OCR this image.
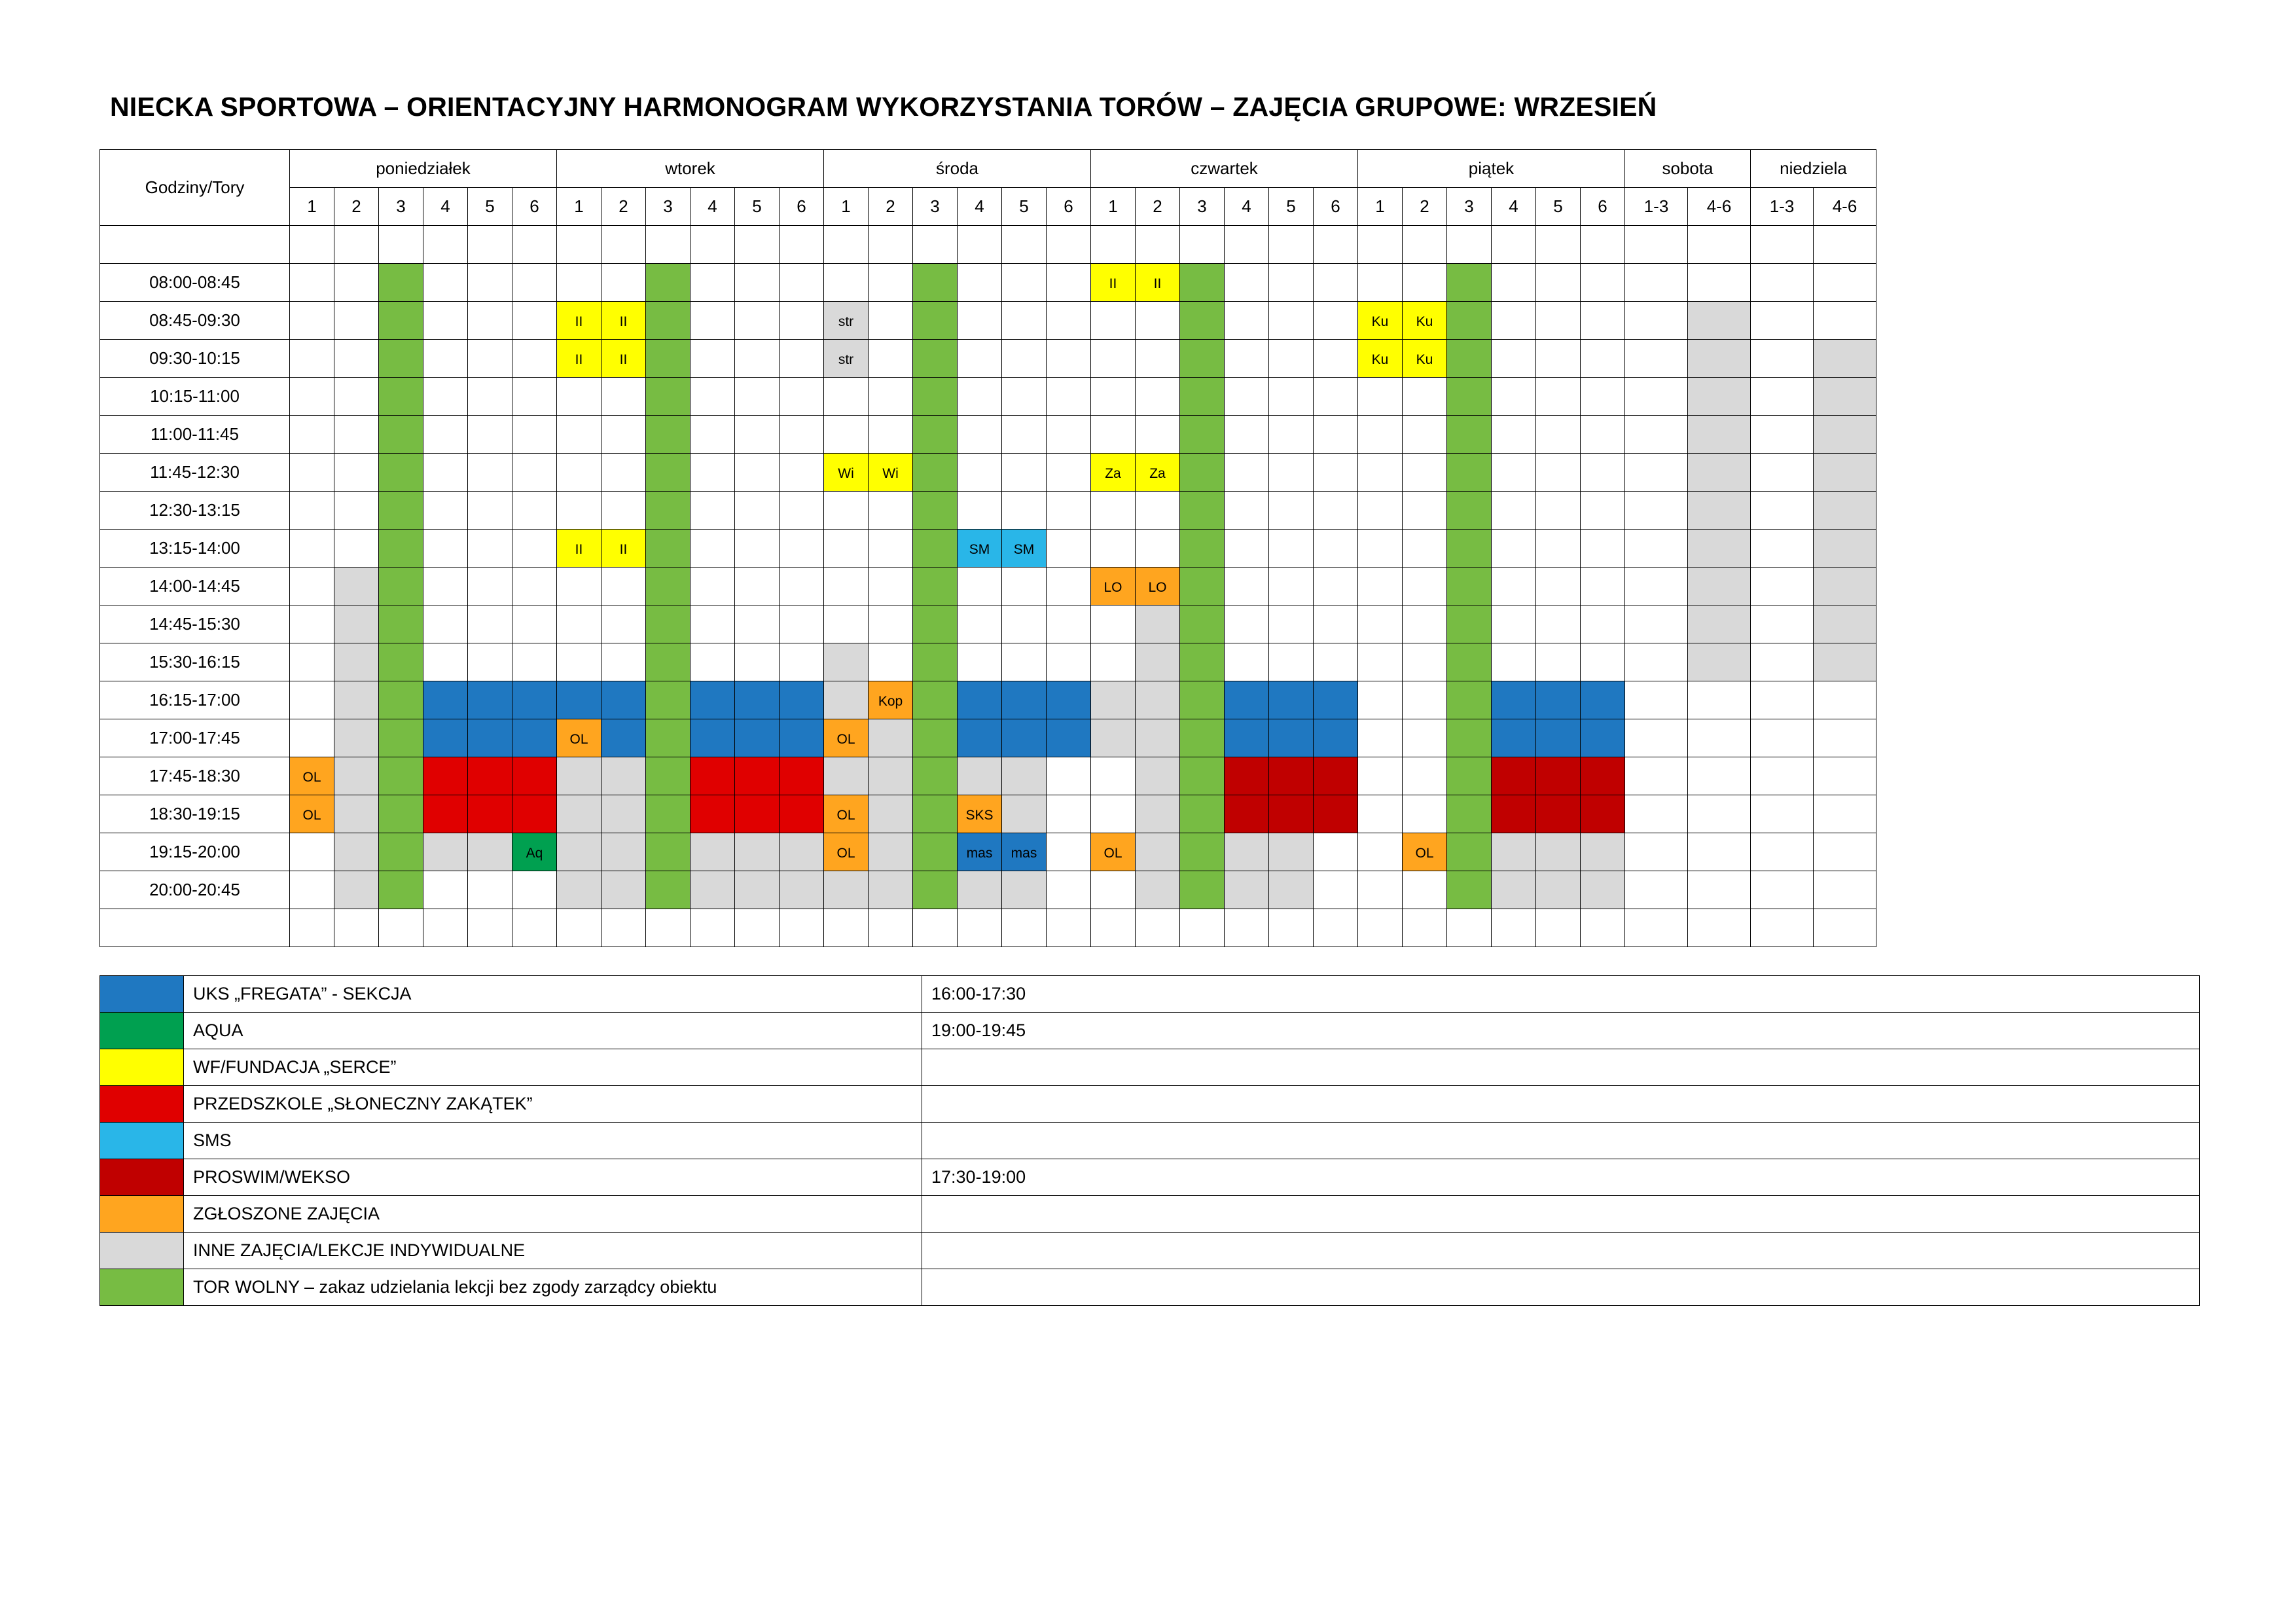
NIECKA SPORTOWA – ORIENTACYJNY HARMONOGRAM WYKORZYSTANIA TORÓW – ZAJĘCIA GRUPOWE: WRZESIEŃ
Godziny/Tory	poniedziałek						wtorek						środa						czwartek						piątek						sobota		niedziela	
	1	2	3	4	5	6	1	2	3	4	5	6	1	2	3	4	5	6	1	2	3	4	5	6	1	2	3	4	5	6	1-3	4-6	1-3	4-6

08:00-08:45																			II	II														
08:45-09:30							II	II					str												Ku	Ku								
09:30-10:15							II	II					str												Ku	Ku								
10:15-11:00																																		
11:00-11:45																																		
11:45-12:30													Wi	Wi					Za	Za														
12:30-13:15																																		
13:15-14:00							II	II								SM	SM																	
14:00-14:45																			LO	LO														
14:45-15:30																																		
15:30-16:15																																		
16:15-17:00														Kop																				
17:00-17:45							OL						OL																					
17:45-18:30	OL																																	
18:30-19:15	OL												OL			SKS																		
19:15-20:00						Aq							OL			mas	mas		OL							OL								
20:00-20:45																																		

	UKS „FREGATA” - SEKCJA	16:00-17:30
	AQUA	19:00-19:45
	WF/FUNDACJA „SERCE”	
	PRZEDSZKOLE „SŁONECZNY ZAKĄTEK”	
	SMS	
	PROSWIM/WEKSO	17:30-19:00
	ZGŁOSZONE ZAJĘCIA	
	INNE ZAJĘCIA/LEKCJE INDYWIDUALNE	
	TOR WOLNY – zakaz udzielania lekcji bez zgody zarządcy obiektu	
